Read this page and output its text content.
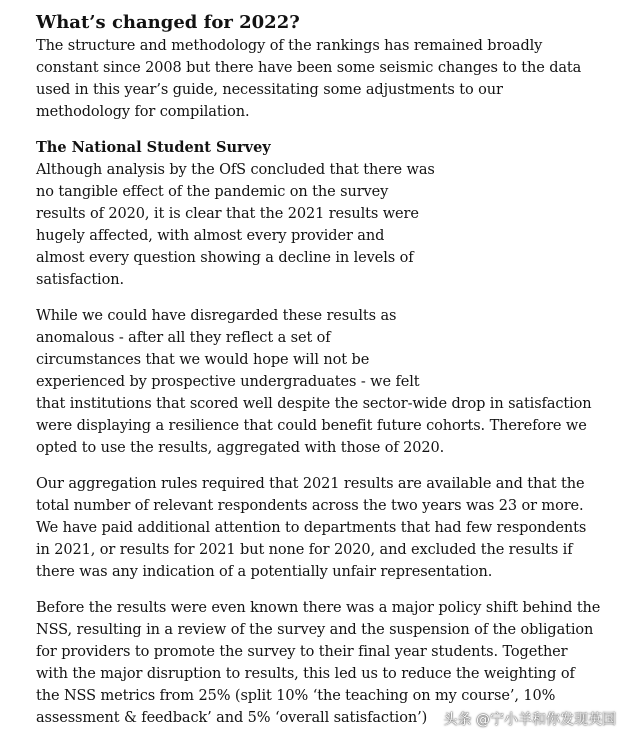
What’s changed for 2022?

The structure and methodology of the rankings has remained broadly
constant since 2008 but there have been some seismic changes to the data
used in this year’s guide, necessitating some adjustments to our
methodology for compilation.

The National Student Survey

Although analysis by the OfS concluded that there was
no tangible effect of the pandemic on the survey
results of 2020, it is clear that the 2021 results were
hugely affected, with almost every provider and
almost every question showing a decline in levels of
satisfaction.

While we could have disregarded these results as
anomalous - after all they reflect a set of
circumstances that we would hope will not be
experienced by prospective undergraduates - we felt
that institutions that scored well despite the sector-wide drop in satisfaction
were displaying a resilience that could benefit future cohorts. Therefore we
opted to use the results, aggregated with those of 2020.

Our aggregation rules required that 2021 results are available and that the
total number of relevant respondents across the two years was 23 or more.
We have paid additional attention to departments that had few respondents
in 2021, or results for 2021 but none for 2020, and excluded the results if
there was any indication of a potentially unfair representation.

Before the results were even known there was a major policy shift behind the
NSS, resulting in a review of the survey and the suspension of the obligation
for providers to promote the survey to their final year students. Together
with the major disruption to results, this led us to reduce the weighting of
the NSS metrics from 25% (split 10% ‘the teaching on my course’, 10%
assessment & feedback’ and 5% ‘overall satisfaction’)	头条 @宁小羊和你发现英国
